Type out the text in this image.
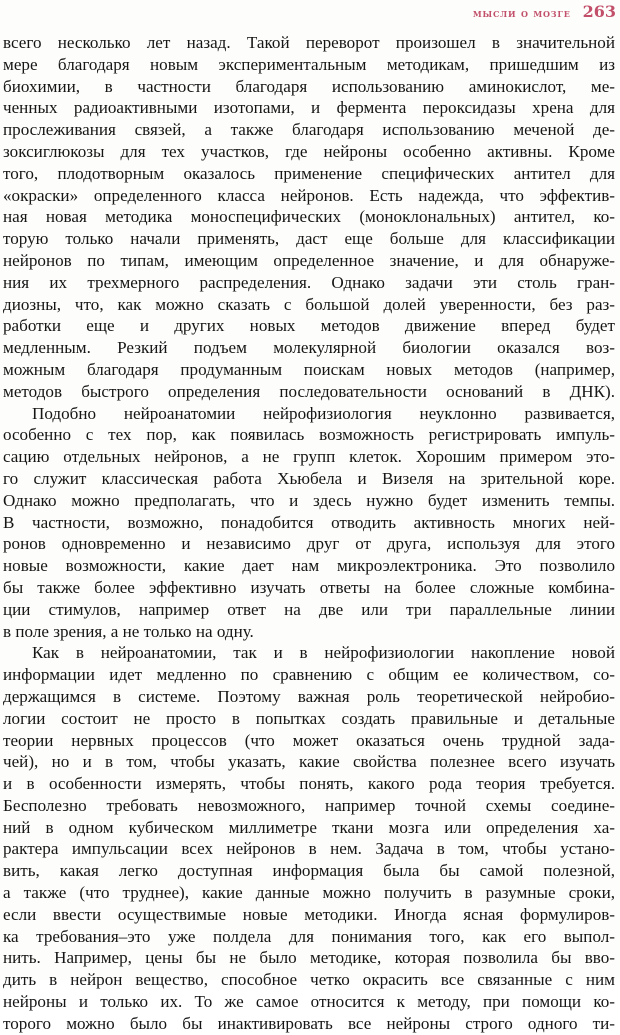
мысли о мозге 263
всего несколько лет назад. Такой переворот произошел в значительной
мере благодаря новым экспериментальным методикам, пришедшим из
биохимии, в частности благодаря использованию аминокислот, ме-
ченных радиоактивными изотопами, и фермента пероксидазы хрена для
прослеживания связей, а также благодаря использованию меченой де-
зоксиглюкозы для тех участков, где нейроны особенно активны. Кроме
того, плодотворным оказалось применение специфических антител для
«окраски» определенного класса нейронов. Есть надежда, что эффектив-
ная новая методика моноспецифических (моноклональных) антител, ко-
торую только начали применять, даст еще больше для классификации
нейронов по типам, имеющим определенное значение, и для обнаруже-
ния их трехмерного распределения. Однако задачи эти столь гран-
диозны, что, как можно сказать с большой долей уверенности, без раз-
работки еще и других новых методов движение вперед будет
медленным. Резкий подъем молекулярной биологии оказался воз-
можным благодаря продуманным поискам новых методов (например,
методов быстрого определения последовательности оснований в ДНК).
Подобно нейроанатомии нейрофизиология неуклонно развивается,
особенно с тех пор, как появилась возможность регистрировать импуль-
сацию отдельных нейронов, а не групп клеток. Хорошим примером это-
го служит классическая работа Хьюбела и Визеля на зрительной коре.
Однако можно предполагать, что и здесь нужно будет изменить темпы.
В частности, возможно, понадобится отводить активность многих ней-
ронов одновременно и независимо друг от друга, используя для этого
новые возможности, какие дает нам микроэлектроника. Это позволило
бы также более эффективно изучать ответы на более сложные комбина-
ции стимулов, например ответ на две или три параллельные линии
в поле зрения, а не только на одну.
Как в нейроанатомии, так и в нейрофизиологии накопление новой
информации идет медленно по сравнению с общим ее количеством, со-
держащимся в системе. Поэтому важная роль теоретической нейробио-
логии состоит не просто в попытках создать правильные и детальные
теории нервных процессов (что может оказаться очень трудной зада-
чей), но и в том, чтобы указать, какие свойства полезнее всего изучать
и в особенности измерять, чтобы понять, какого рода теория требуется.
Бесполезно требовать невозможного, например точной схемы соедине-
ний в одном кубическом миллиметре ткани мозга или определения ха-
рактера импульсации всех нейронов в нем. Задача в том, чтобы устано-
вить, какая легко доступная информация была бы самой полезной,
а также (что труднее), какие данные можно получить в разумные сроки,
если ввести осуществимые новые методики. Иногда ясная формулиров-
ка требования–это уже полдела для понимания того, как его выпол-
нить. Например, цены бы не было методике, которая позволила бы вво-
дить в нейрон вещество, способное четко окрасить все связанные с ним
нейроны и только их. То же самое относится к методу, при помощи ко-
торого можно было бы инактивировать все нейроны строго одного ти-
